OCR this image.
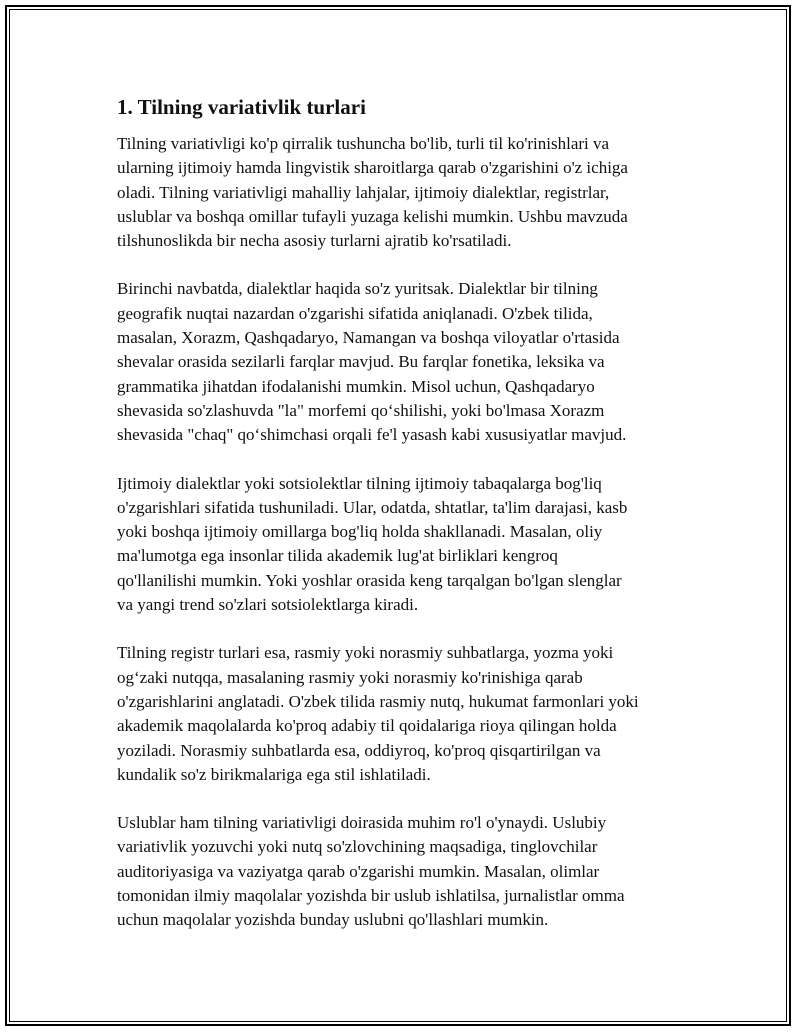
1. Tilning variativlik turlari

Tilning variativligi ko'p qirralik tushuncha bo'lib, turli til ko'rinishlari va
ularning ijtimoiy hamda lingvistik sharoitlarga qarab o'zgarishini o'z ichiga
oladi. Tilning variativligi mahalliy lahjalar, ijtimoiy dialektlar, registrlar,
uslublar va boshqa omillar tufayli yuzaga kelishi mumkin. Ushbu mavzuda
tilshunoslikda bir necha asosiy turlarni ajratib ko'rsatiladi.

Birinchi navbatda, dialektlar haqida so'z yuritsak. Dialektlar bir tilning
geografik nuqtai nazardan o'zgarishi sifatida aniqlanadi. O'zbek tilida,
masalan, Xorazm, Qashqadaryo, Namangan va boshqa viloyatlar o'rtasida
shevalar orasida sezilarli farqlar mavjud. Bu farqlar fonetika, leksika va
grammatika jihatdan ifodalanishi mumkin. Misol uchun, Qashqadaryo
shevasida so'zlashuvda "la" morfemi qo‘shilishi, yoki bo'lmasa Xorazm
shevasida "chaq" qo‘shimchasi orqali fe'l yasash kabi xususiyatlar mavjud.

Ijtimoiy dialektlar yoki sotsiolektlar tilning ijtimoiy tabaqalarga bog'liq
o'zgarishlari sifatida tushuniladi. Ular, odatda, shtatlar, ta'lim darajasi, kasb
yoki boshqa ijtimoiy omillarga bog'liq holda shakllanadi. Masalan, oliy
ma'lumotga ega insonlar tilida akademik lug'at birliklari kengroq
qo'llanilishi mumkin. Yoki yoshlar orasida keng tarqalgan bo'lgan slenglar
va yangi trend so'zlari sotsiolektlarga kiradi.

Tilning registr turlari esa, rasmiy yoki norasmiy suhbatlarga, yozma yoki
og‘zaki nutqqa, masalaning rasmiy yoki norasmiy ko'rinishiga qarab
o'zgarishlarini anglatadi. O'zbek tilida rasmiy nutq, hukumat farmonlari yoki
akademik maqolalarda ko'proq adabiy til qoidalariga rioya qilingan holda
yoziladi. Norasmiy suhbatlarda esa, oddiyroq, ko'proq qisqartirilgan va
kundalik so'z birikmalariga ega stil ishlatiladi.

Uslublar ham tilning variativligi doirasida muhim ro'l o'ynaydi. Uslubiy
variativlik yozuvchi yoki nutq so'zlovchining maqsadiga, tinglovchilar
auditoriyasiga va vaziyatga qarab o'zgarishi mumkin. Masalan, olimlar
tomonidan ilmiy maqolalar yozishda bir uslub ishlatilsa, jurnalistlar omma
uchun maqolalar yozishda bunday uslubni qo'llashlari mumkin.
